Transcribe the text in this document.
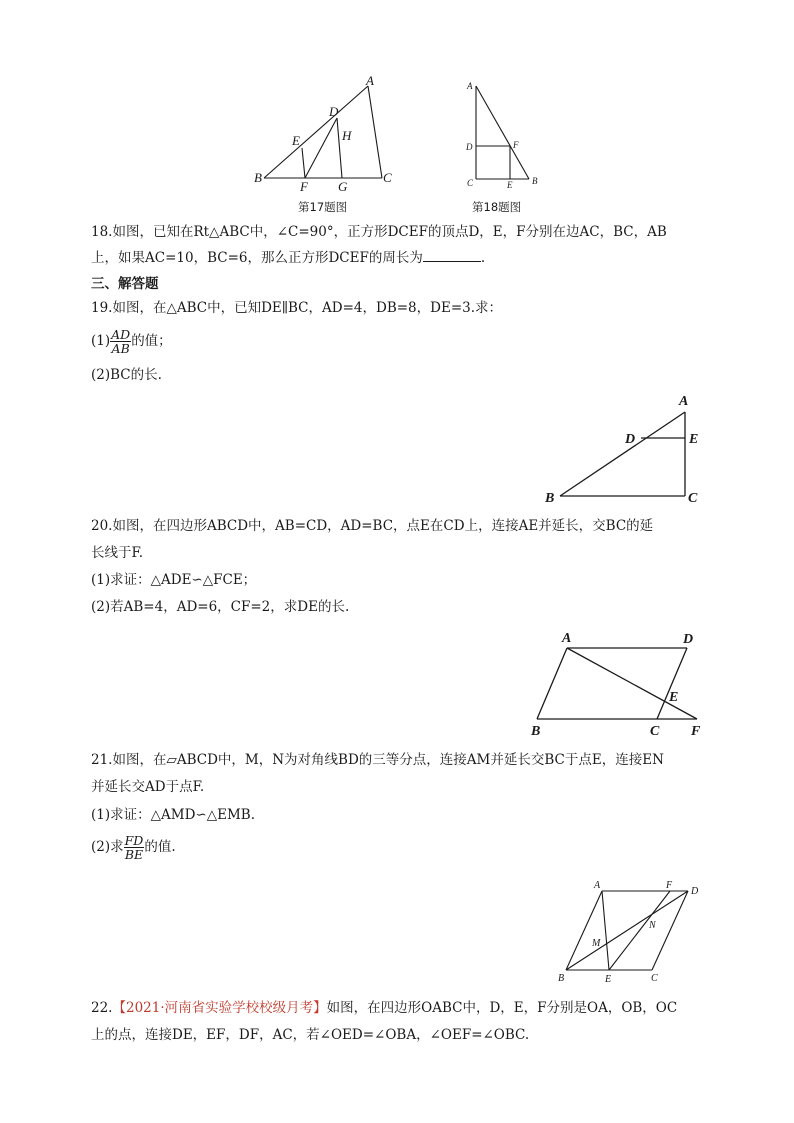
A
B	C
D
E
F G
H
第17题图
A
D	F
C	E B
第18题图
18.如图，已知在Rt△ABC中，∠C=90°，正方形DCEF的顶点D，E，F分别在边AC，BC，AB
上，如果AC=10，BC=6，那么正方形DCEF的周长为	.
三、解答题
19.如图，在△ABC中，已知DE∥BC，AD=4，DB=8，DE=3.求：
$(1) \frac{AD}{AB}$ 的值；
(2)BC的长.
A
D	E
B	C
20.如图，在四边形ABCD中，AB=CD，AD=BC，点E在CD上，连接AE并延长，交BC的延
长线于F.
(1)求证：△ADE∽△FCE；
(2)若AB=4，AD=6，CF=2，求DE的长.
A	D
E
B	C F
21.如图，在▱ABCD中，M，N为对角线BD的三等分点，连接AM并延长交BC于点E，连接EN
并延长交AD于点F.
(1)求证：△AMD∽△EMB.
(2)求 $\frac{FD}{BE}$ 的值.
A	F
D
N
M
B	E	C
22.【2021·河南省实验学校校级月考】如图，在四边形OABC中，D，E，F分别是OA，OB，OC
上的点，连接DE，EF，DF，AC，若∠OED=∠OBA，∠OEF=∠OBC.
